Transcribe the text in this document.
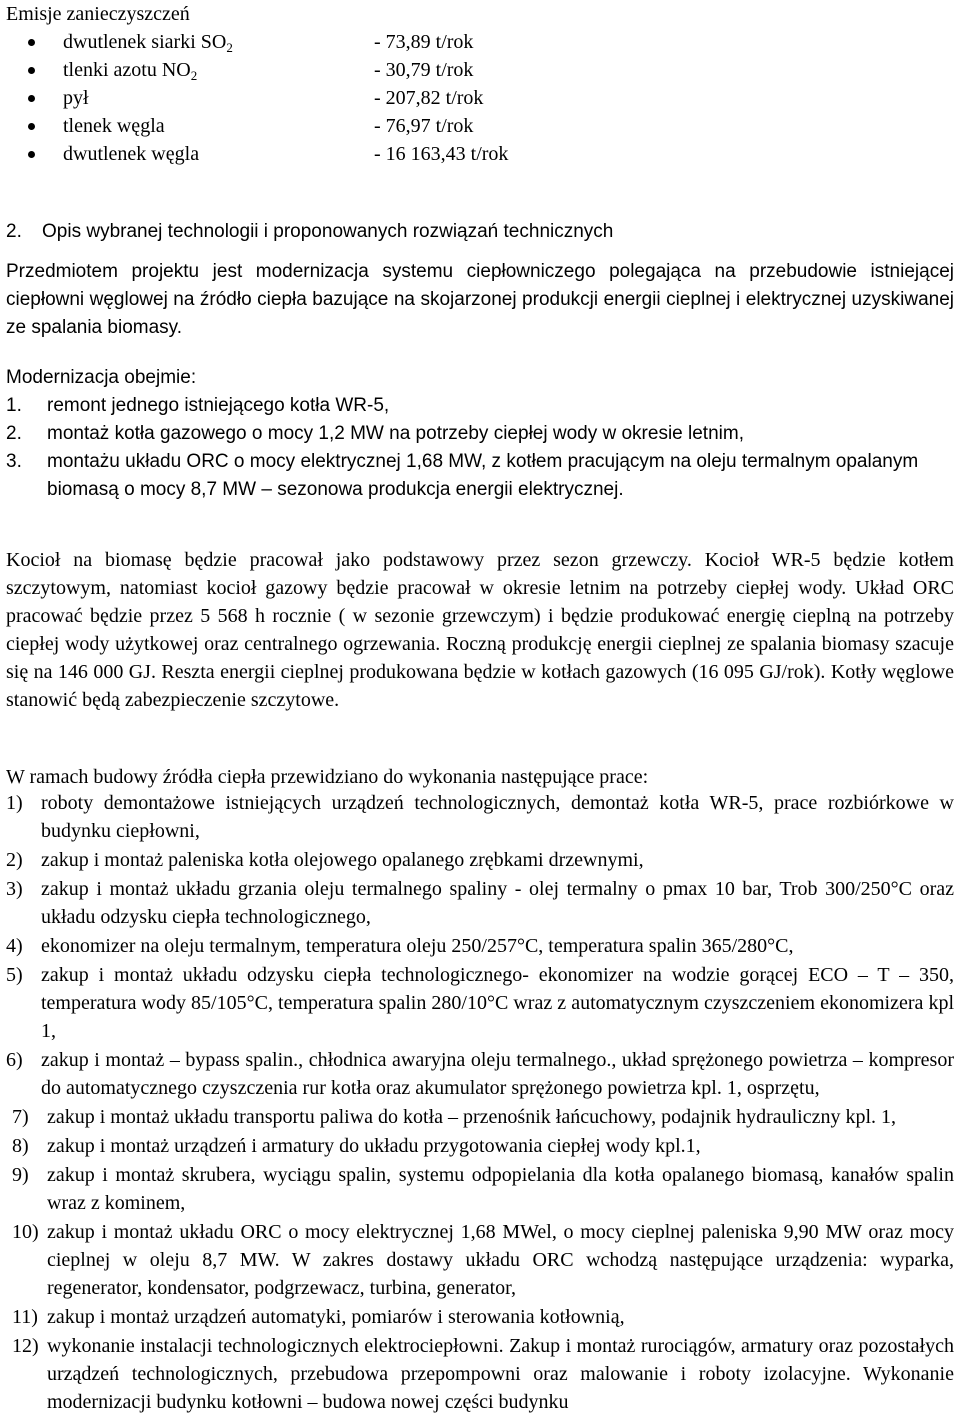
Emisje zanieczyszczeń
dwutlenek siarki $SO_2$	- 73,89 t/rok
tlenki azotu $NO_2$	- 30,79 t/rok
pył	- 207,82 t/rok
tlenek węgla	- 76,97 t/rok
dwutlenek węgla	- 16 163,43 t/rok
2. Opis wybranej technologii i proponowanych rozwiązań technicznych

Przedmiotem projektu jest modernizacja systemu ciepłowniczego polegająca na przebudowie istniejącej ciepłowni węglowej na źródło ciepła bazujące na skojarzonej produkcji energii cieplnej i elektrycznej uzyskiwanej ze spalania biomasy.

Modernizacja obejmie:
1. remont jednego istniejącego kotła WR-5,
2. montaż kotła gazowego o mocy 1,2 MW na potrzeby ciepłej wody w okresie letnim,
3. montażu układu ORC o mocy elektrycznej 1,68 MW, z kotłem pracującym na oleju termalnym opalanym biomasą o mocy 8,7 MW – sezonowa produkcja energii elektrycznej.

Kocioł na biomasę będzie pracował jako podstawowy przez sezon grzewczy. Kocioł WR-5 będzie kotłem szczytowym, natomiast kocioł gazowy będzie pracował w okresie letnim na potrzeby ciepłej wody. Układ ORC pracować będzie przez 5 568 h rocznie ( w sezonie grzewczym) i będzie produkować energię cieplną na potrzeby ciepłej wody użytkowej oraz centralnego ogrzewania. Roczną produkcję energii cieplnej ze spalania biomasy szacuje się na 146 000 GJ. Reszta energii cieplnej produkowana będzie w kotłach gazowych (16 095 GJ/rok). Kotły węglowe stanowić będą zabezpieczenie szczytowe.

W ramach budowy źródła ciepła przewidziano do wykonania następujące prace:
1) roboty demontażowe istniejących urządzeń technologicznych, demontaż kotła WR-5, prace rozbiórkowe w budynku ciepłowni,
2) zakup i montaż paleniska kotła olejowego opalanego zrębkami drzewnymi,
3) zakup i montaż układu grzania oleju termalnego spaliny - olej termalny o pmax 10 bar, Trob 300/250°C oraz układu odzysku ciepła technologicznego,
4) ekonomizer na oleju termalnym, temperatura oleju 250/257°C, temperatura spalin 365/280°C,
5) zakup i montaż układu odzysku ciepła technologicznego- ekonomizer na wodzie gorącej ECO – T – 350, temperatura wody 85/105°C, temperatura spalin 280/10°C wraz z automatycznym czyszczeniem ekonomizera kpl 1,
6) zakup i montaż – bypass spalin., chłodnica awaryjna oleju termalnego., układ sprężonego powietrza – kompresor do automatycznego czyszczenia rur kotła oraz akumulator sprężonego powietrza kpl. 1, osprzętu,
7) zakup i montaż układu transportu paliwa do kotła – przenośnik łańcuchowy, podajnik hydrauliczny kpl. 1,
8) zakup i montaż urządzeń i armatury do układu przygotowania ciepłej wody kpl.1,
9) zakup i montaż skrubera, wyciągu spalin, systemu odpopielania dla kotła opalanego biomasą, kanałów spalin wraz z kominem,
10) zakup i montaż układu ORC o mocy elektrycznej 1,68 MWel, o mocy cieplnej paleniska 9,90 MW oraz mocy cieplnej w oleju 8,7 MW. W zakres dostawy układu ORC wchodzą następujące urządzenia: wyparka, regenerator, kondensator, podgrzewacz, turbina, generator,
11) zakup i montaż urządzeń automatyki, pomiarów i sterowania kotłownią,
12) wykonanie instalacji technologicznych elektrociepłowni. Zakup i montaż rurociągów, armatury oraz pozostałych urządzeń technologicznych, przebudowa przepompowni oraz malowanie i roboty izolacyjne. Wykonanie modernizacji budynku kotłowni – budowa nowej części budynku
